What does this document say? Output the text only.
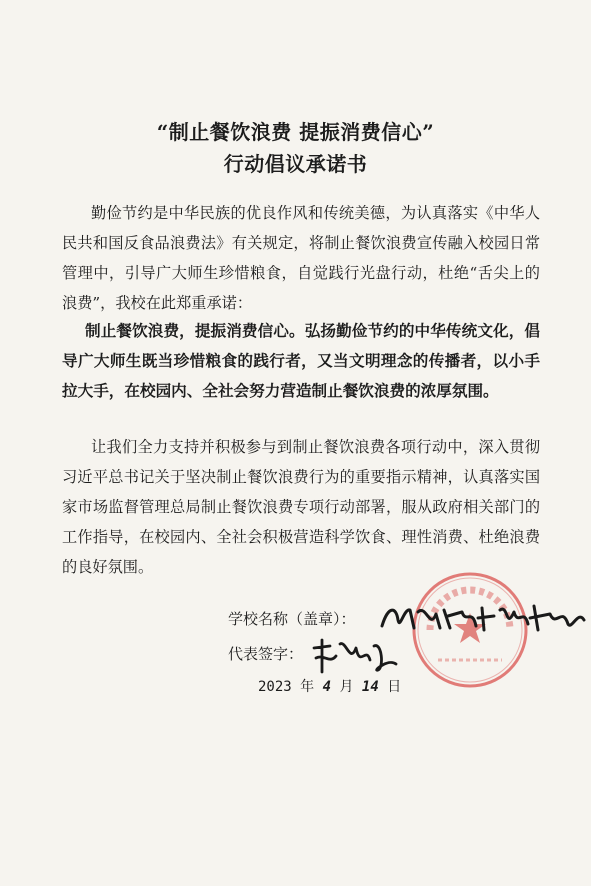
“制止餐饮浪费 提振消费信心”
行动倡议承诺书
勤俭节约是中华民族的优良作风和传统美德，为认真落实《中华人民共和国反食品浪费法》有关规定，将制止餐饮浪费宣传融入校园日常管理中，引导广大师生珍惜粮食，自觉践行光盘行动，杜绝“舌尖上的浪费”，我校在此郑重承诺：
制止餐饮浪费，提振消费信心。弘扬勤俭节约的中华传统文化，倡导广大师生既当珍惜粮食的践行者，又当文明理念的传播者，以小手拉大手，在校园内、全社会努力营造制止餐饮浪费的浓厚氛围。
让我们全力支持并积极参与到制止餐饮浪费各项行动中，深入贯彻习近平总书记关于坚决制止餐饮浪费行为的重要指示精神，认真落实国家市场监督管理总局制止餐饮浪费专项行动部署，服从政府相关部门的工作指导，在校园内、全社会积极营造科学饮食、理性消费、杜绝浪费的良好氛围。
学校名称（盖章）：
代表签字：
2023 年 4 月 14 日
